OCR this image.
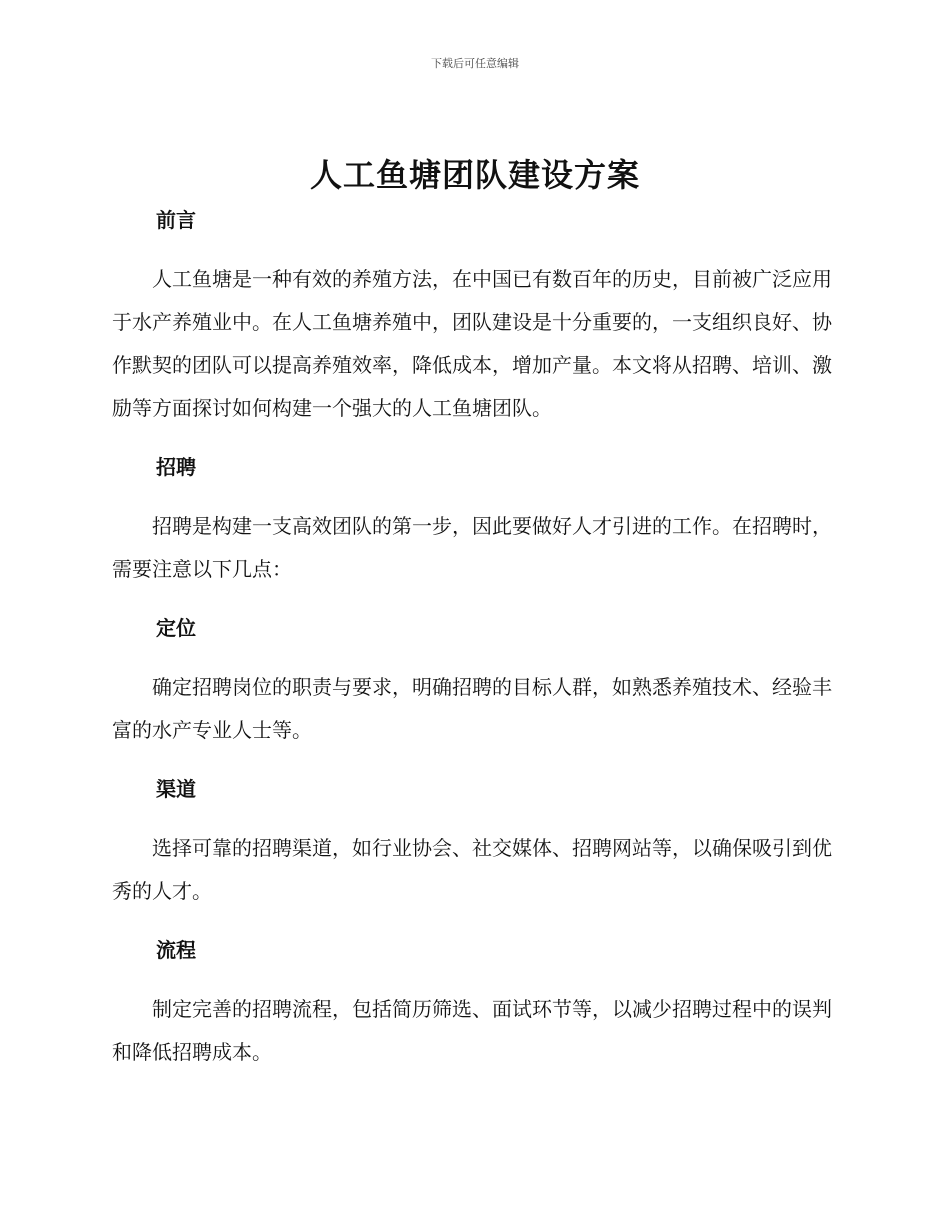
下载后可任意编辑
人工鱼塘团队建设方案
前言

人工鱼塘是一种有效的养殖方法，在中国已有数百年的历史，目前被广泛应用于水产养殖业中。在人工鱼塘养殖中，团队建设是十分重要的，一支组织良好、协作默契的团队可以提高养殖效率，降低成本，增加产量。本文将从招聘、培训、激励等方面探讨如何构建一个强大的人工鱼塘团队。

招聘

招聘是构建一支高效团队的第一步，因此要做好人才引进的工作。在招聘时，需要注意以下几点：

定位

确定招聘岗位的职责与要求，明确招聘的目标人群，如熟悉养殖技术、经验丰富的水产专业人士等。

渠道

选择可靠的招聘渠道，如行业协会、社交媒体、招聘网站等，以确保吸引到优秀的人才。

流程

制定完善的招聘流程，包括简历筛选、面试环节等，以减少招聘过程中的误判和降低招聘成本。
